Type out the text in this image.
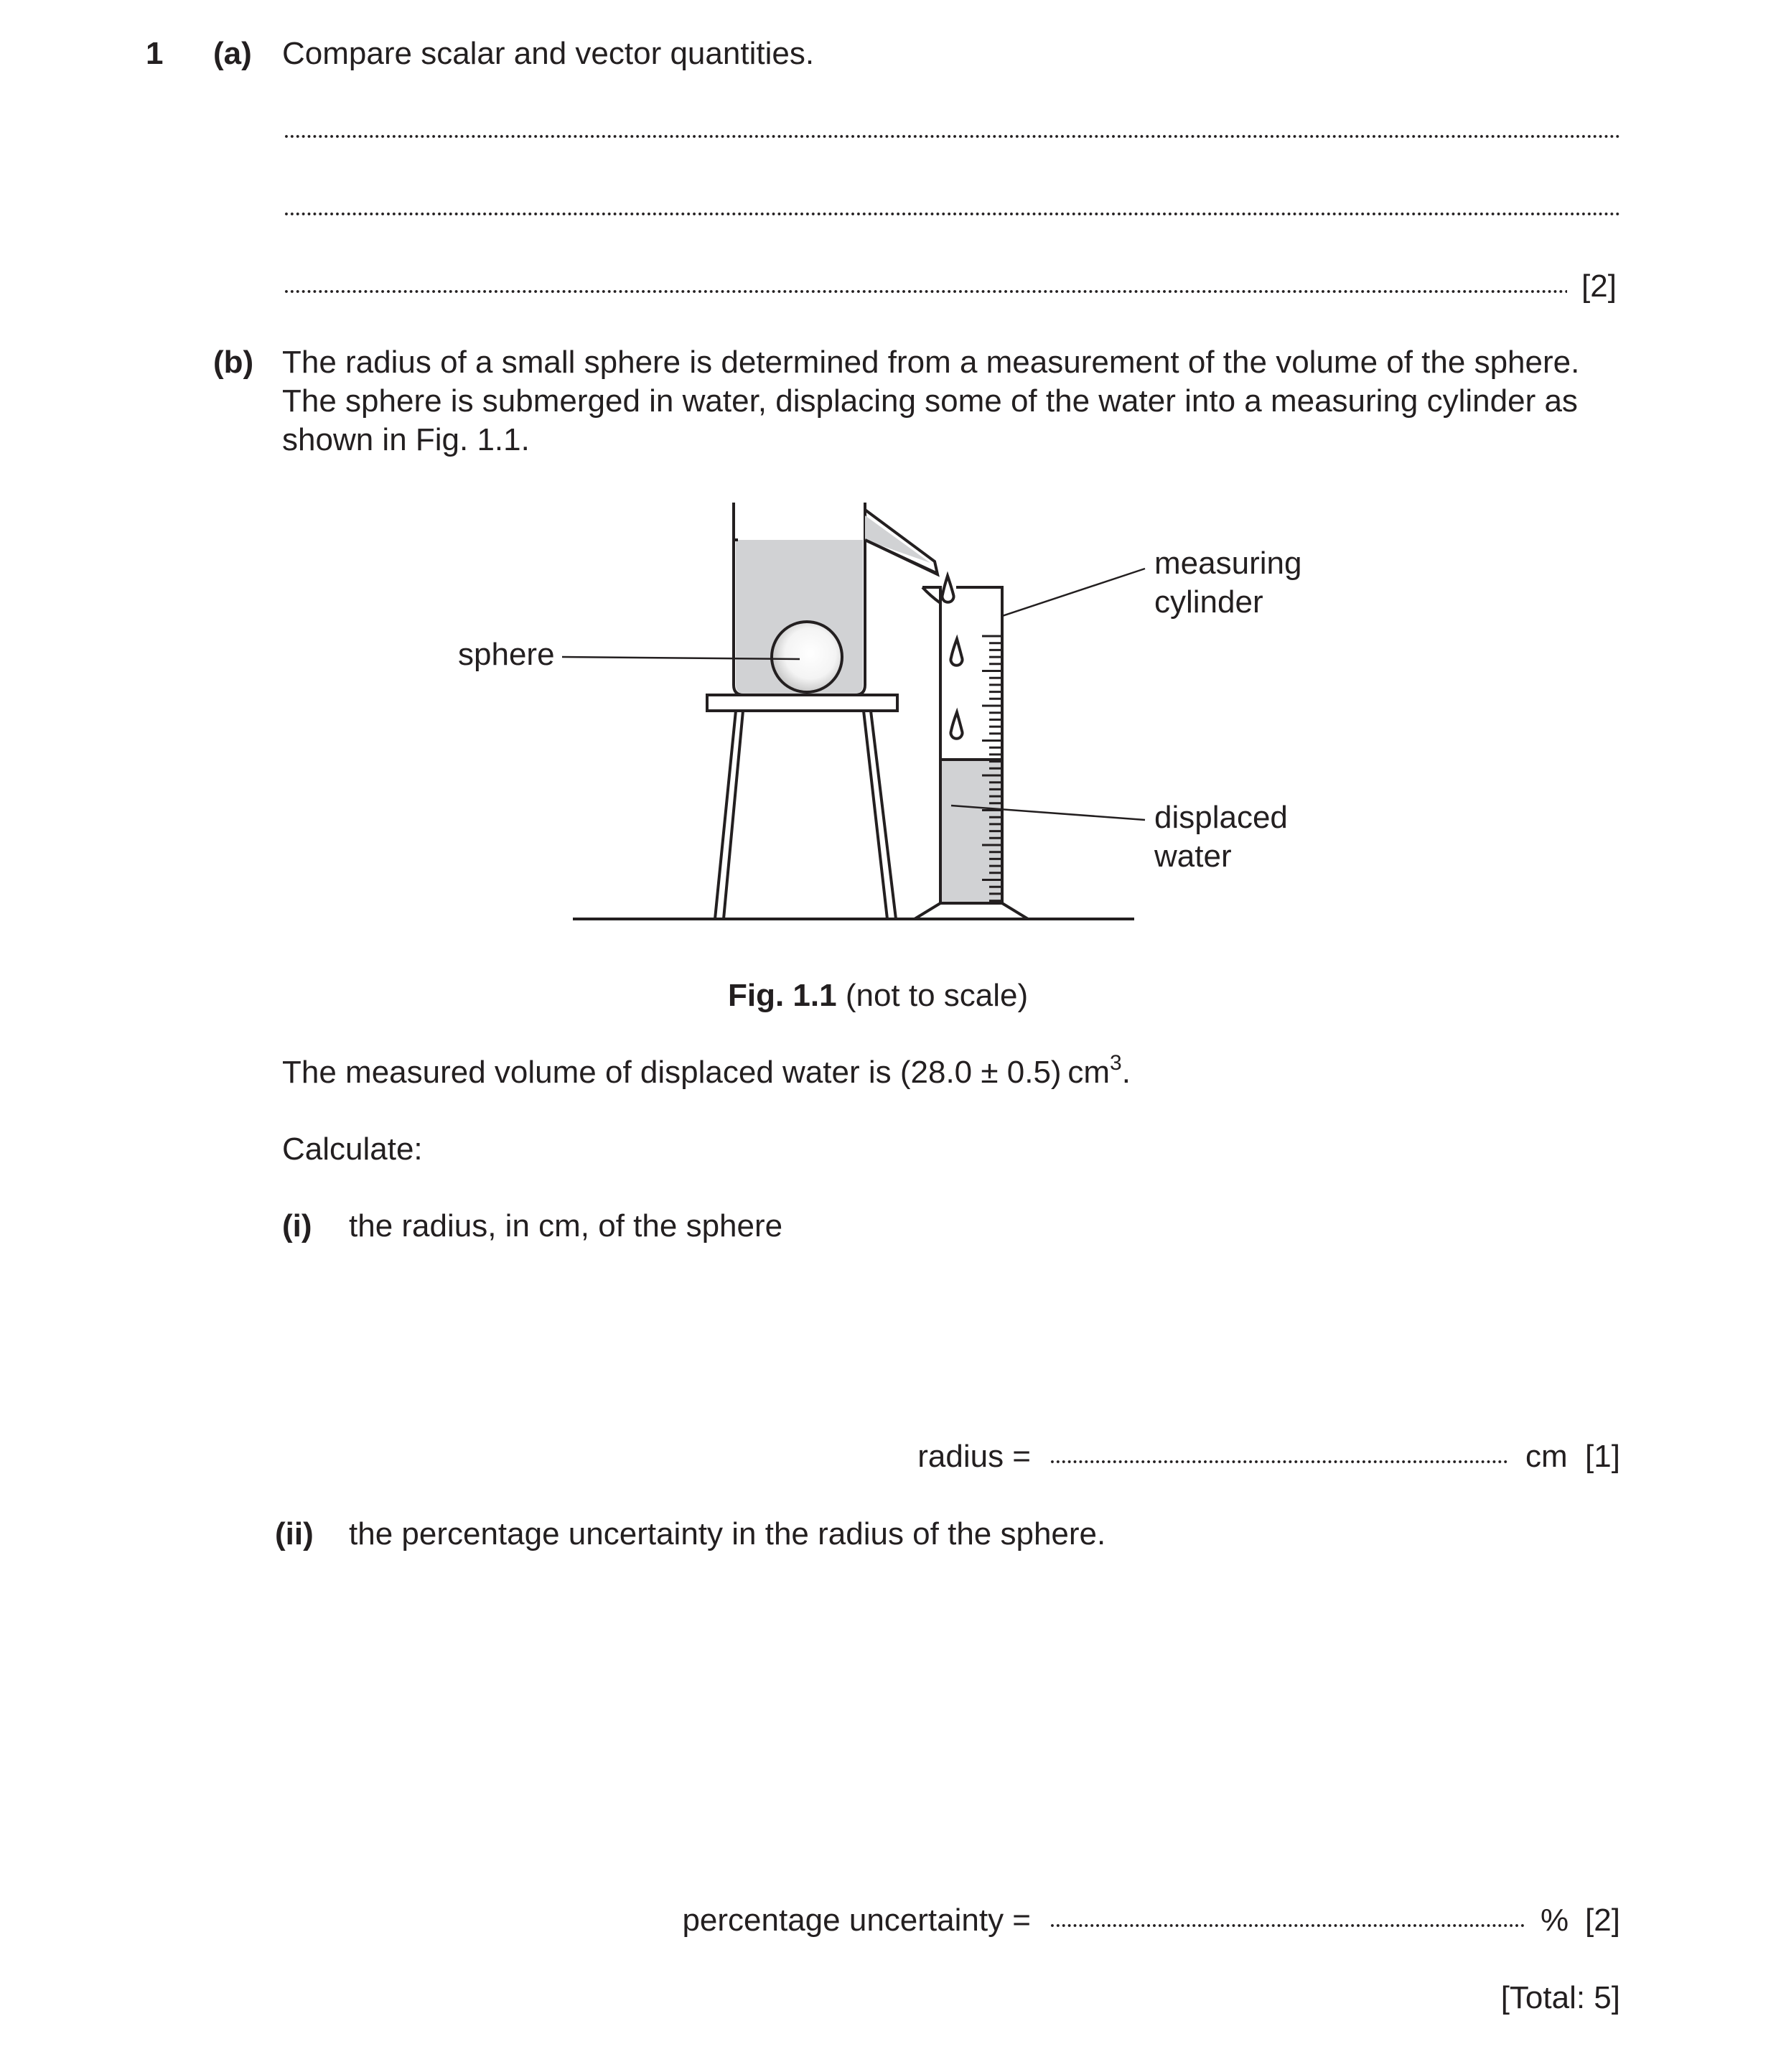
1 (a) Compare scalar and vector quantities.
[2]
(b) The radius of a small sphere is determined from a measurement of the volume of the sphere.
The sphere is submerged in water, displacing some of the water into a measuring cylinder as
shown in Fig. 1.1.
sphere
measuring
cylinder
displaced
water
Fig. 1.1 (not to scale)
The measured volume of displaced water is (28.0 ± 0.5) $cm^3$.
Calculate:
(i) the radius, in cm, of the sphere
radius =	cm [1]
(ii) the percentage uncertainty in the radius of the sphere.
percentage uncertainty =	% [2]
[Total: 5]
